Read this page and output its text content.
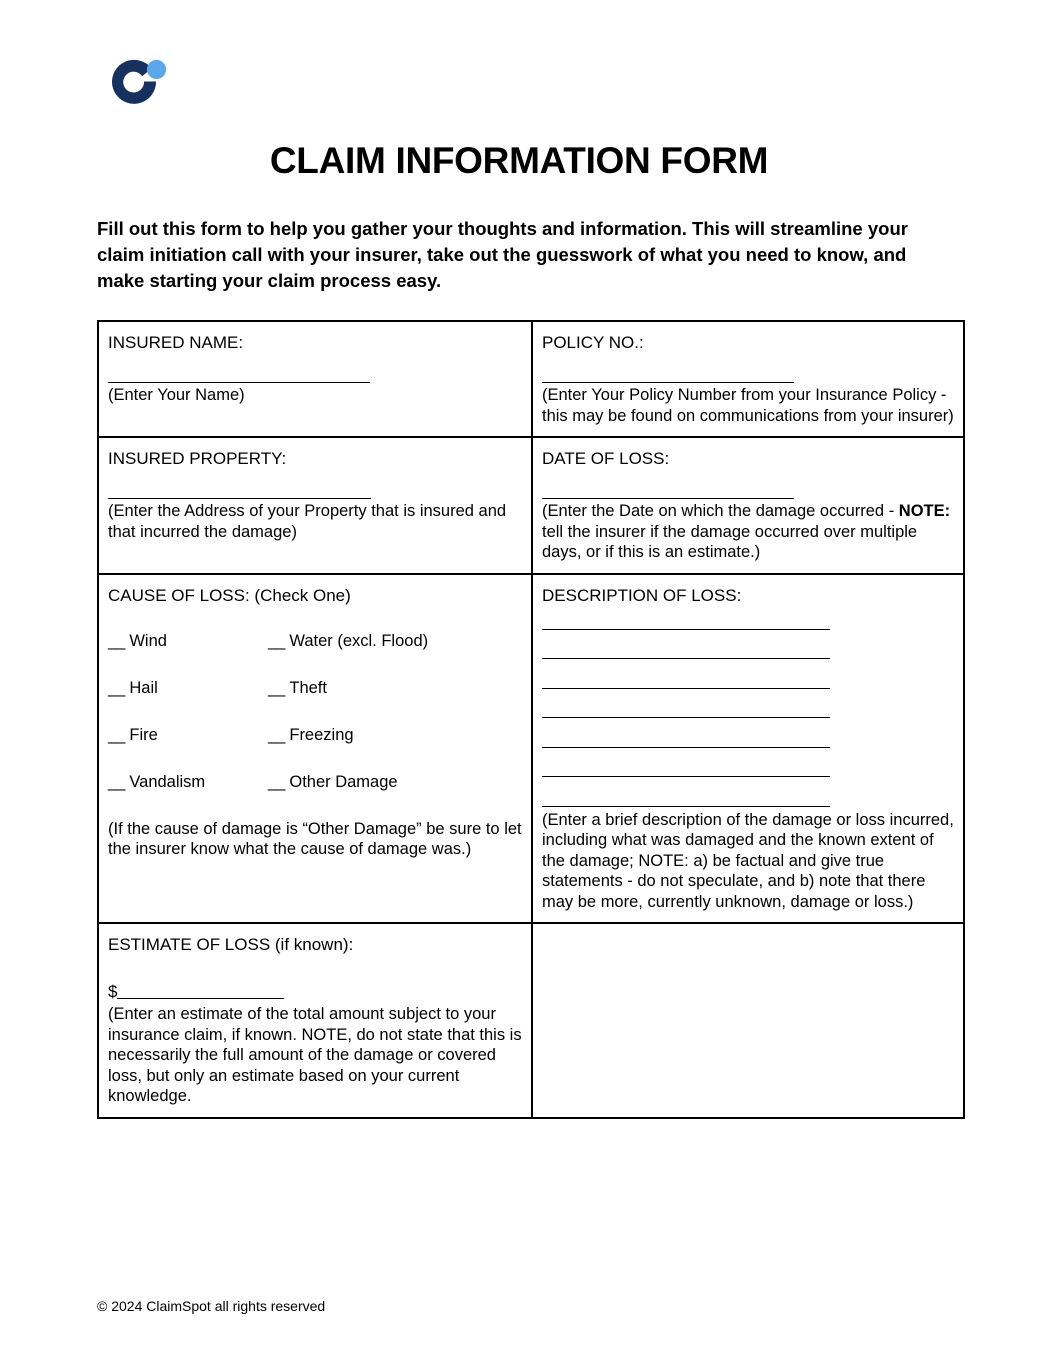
CLAIM INFORMATION FORM
Fill out this form to help you gather your thoughts and information. This will streamline your claim initiation call with your insurer, take out the guesswork of what you need to know, and make starting your claim process easy.
INSURED NAME:
(Enter Your Name)

POLICY NO.:
(Enter Your Policy Number from your Insurance Policy - this may be found on communications from your insurer)

INSURED PROPERTY:
(Enter the Address of your Property that is insured and that incurred the damage)

DATE OF LOSS:
(Enter the Date on which the damage occurred - NOTE: tell the insurer if the damage occurred over multiple days, or if this is an estimate.)

CAUSE OF LOSS: (Check One)
__ Wind	__ Water (excl. Flood)
__ Hail	__ Theft
__ Fire	__ Freezing
__ Vandalism	__ Other Damage
(If the cause of damage is “Other Damage” be sure to let the insurer know what the cause of damage was.)

DESCRIPTION OF LOSS:
(Enter a brief description of the damage or loss incurred, including what was damaged and the known extent of the damage; NOTE: a) be factual and give true statements - do not speculate, and b) note that there may be more, currently unknown, damage or loss.)

ESTIMATE OF LOSS (if known):
$
(Enter an estimate of the total amount subject to your insurance claim, if known. NOTE, do not state that this is necessarily the full amount of the damage or covered loss, but only an estimate based on your current knowledge.	

© 2024 ClaimSpot all rights reserved
